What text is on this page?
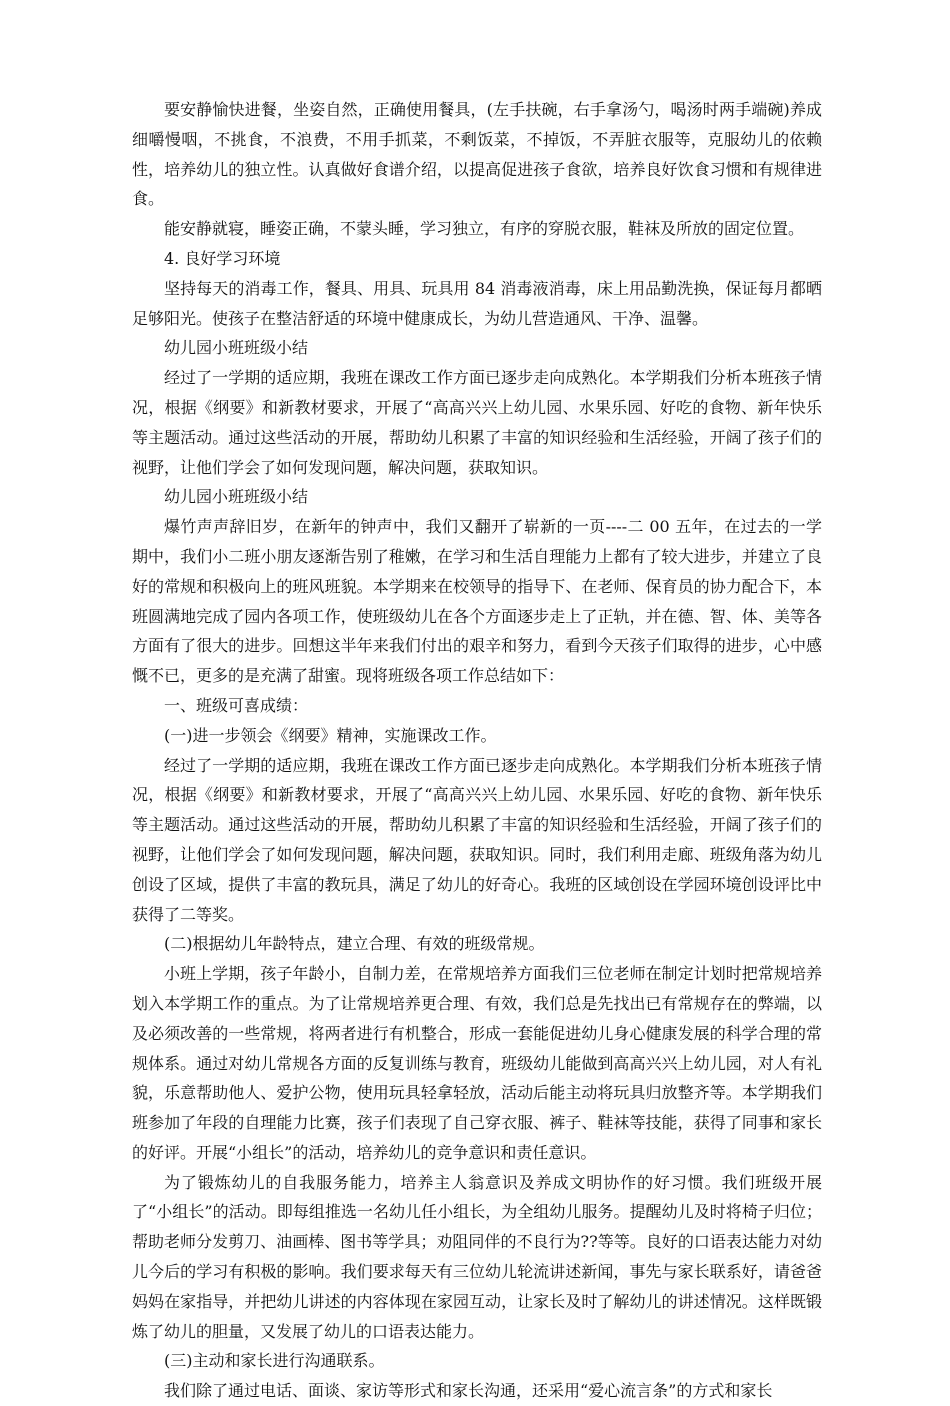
要安静愉快进餐，坐姿自然，正确使用餐具，(左手扶碗，右手拿汤勺，喝汤时两手端碗)养成细嚼慢咽，不挑食，不浪费，不用手抓菜，不剩饭菜，不掉饭，不弄脏衣服等，克服幼儿的依赖性，培养幼儿的独立性。认真做好食谱介绍，以提高促进孩子食欲，培养良好饮食习惯和有规律进食。

能安静就寝，睡姿正确，不蒙头睡，学习独立，有序的穿脱衣服，鞋袜及所放的固定位置。

4. 良好学习环境

坚持每天的消毒工作，餐具、用具、玩具用 84 消毒液消毒，床上用品勤洗换，保证每月都晒足够阳光。使孩子在整洁舒适的环境中健康成长，为幼儿营造通风、干净、温馨。

幼儿园小班班级小结

经过了一学期的适应期，我班在课改工作方面已逐步走向成熟化。本学期我们分析本班孩子情况，根据《纲要》和新教材要求，开展了“高高兴兴上幼儿园、水果乐园、好吃的食物、新年快乐等主题活动。通过这些活动的开展，帮助幼儿积累了丰富的知识经验和生活经验，开阔了孩子们的视野，让他们学会了如何发现问题，解决问题，获取知识。

幼儿园小班班级小结

爆竹声声辞旧岁，在新年的钟声中，我们又翻开了崭新的一页----二 00 五年，在过去的一学期中，我们小二班小朋友逐渐告别了稚嫩，在学习和生活自理能力上都有了较大进步，并建立了良好的常规和积极向上的班风班貌。本学期来在校领导的指导下、在老师、保育员的协力配合下，本班圆满地完成了园内各项工作，使班级幼儿在各个方面逐步走上了正轨，并在德、智、体、美等各方面有了很大的进步。回想这半年来我们付出的艰辛和努力，看到今天孩子们取得的进步，心中感慨不已，更多的是充满了甜蜜。现将班级各项工作总结如下：

一、班级可喜成绩：

(一)进一步领会《纲要》精神，实施课改工作。

经过了一学期的适应期，我班在课改工作方面已逐步走向成熟化。本学期我们分析本班孩子情况，根据《纲要》和新教材要求，开展了“高高兴兴上幼儿园、水果乐园、好吃的食物、新年快乐等主题活动。通过这些活动的开展，帮助幼儿积累了丰富的知识经验和生活经验，开阔了孩子们的视野，让他们学会了如何发现问题，解决问题，获取知识。同时，我们利用走廊、班级角落为幼儿创设了区域，提供了丰富的教玩具，满足了幼儿的好奇心。我班的区域创设在学园环境创设评比中获得了二等奖。

(二)根据幼儿年龄特点，建立合理、有效的班级常规。

小班上学期，孩子年龄小，自制力差，在常规培养方面我们三位老师在制定计划时把常规培养划入本学期工作的重点。为了让常规培养更合理、有效，我们总是先找出已有常规存在的弊端，以及必须改善的一些常规，将两者进行有机整合，形成一套能促进幼儿身心健康发展的科学合理的常规体系。通过对幼儿常规各方面的反复训练与教育，班级幼儿能做到高高兴兴上幼儿园，对人有礼貌，乐意帮助他人、爱护公物，使用玩具轻拿轻放，活动后能主动将玩具归放整齐等。本学期我们班参加了年段的自理能力比赛，孩子们表现了自己穿衣服、裤子、鞋袜等技能，获得了同事和家长的好评。开展“小组长”的活动，培养幼儿的竞争意识和责任意识。

为了锻炼幼儿的自我服务能力，培养主人翁意识及养成文明协作的好习惯。我们班级开展了“小组长”的活动。即每组推选一名幼儿任小组长，为全组幼儿服务。提醒幼儿及时将椅子归位；帮助老师分发剪刀、油画棒、图书等学具；劝阻同伴的不良行为??等等。良好的口语表达能力对幼儿今后的学习有积极的影响。我们要求每天有三位幼儿轮流讲述新闻，事先与家长联系好，请爸爸妈妈在家指导，并把幼儿讲述的内容体现在家园互动，让家长及时了解幼儿的讲述情况。这样既锻炼了幼儿的胆量，又发展了幼儿的口语表达能力。

(三)主动和家长进行沟通联系。

我们除了通过电话、面谈、家访等形式和家长沟通，还采用“爱心流言条”的方式和家长
